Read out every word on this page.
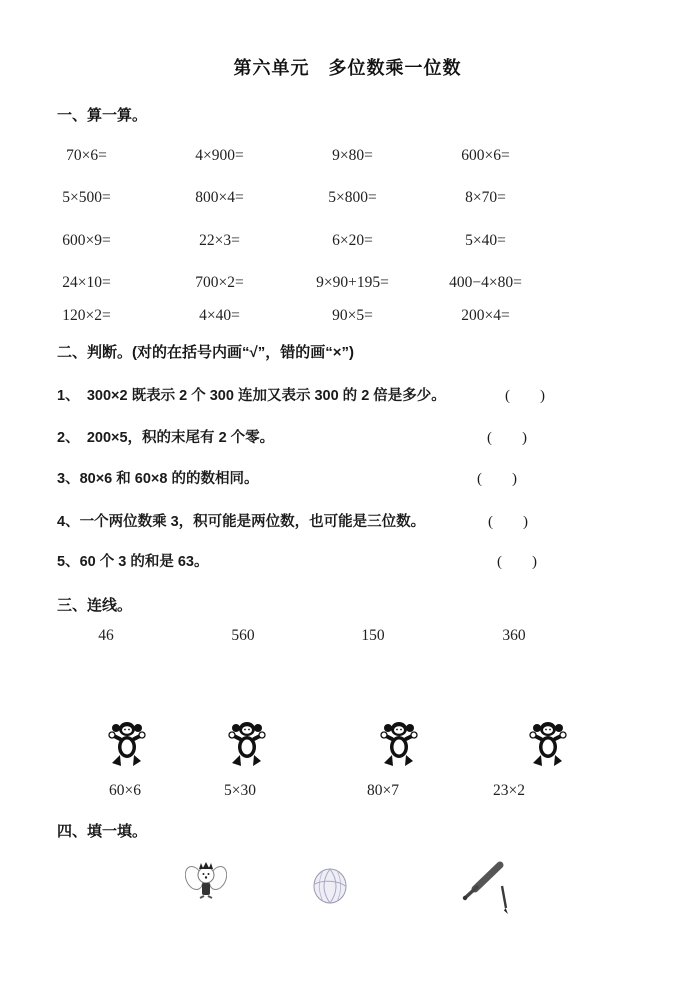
第六单元　多位数乘一位数
一、算一算。
70×6=	4×900=	9×80=	600×6=
5×500=	800×4=	5×800=	8×70=
600×9=	22×3=	6×20=	5×40=
24×10=	700×2=	9×90+195=	400−4×80=
120×2=	4×40=	90×5=	200×4=
二、判断。(对的在括号内画“√”，错的画“×”)
1、　300×2 既表示 2 个 300 连加又表示 300 的 2 倍是多少。	(　　)
2、　200×5，积的末尾有 2 个零。	(　　)
3、80×6 和 60×8 的的数相同。	(　　)
4、一个两位数乘 3，积可能是两位数，也可能是三位数。	(　　)
5、60 个 3 的和是 63。	(　　)
三、连线。
46	560	150	360
60×6	5×30	80×7	23×2
四、填一填。
